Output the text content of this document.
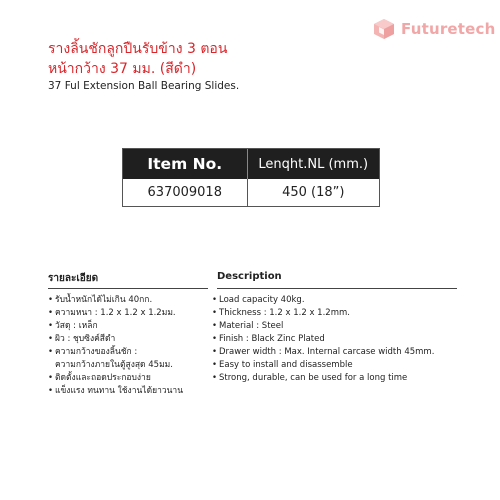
Futuretech
รางลิ้นชักลูกปืนรับข้าง 3 ตอน
หน้ากว้าง 37 มม. (สีดำ)
37 Ful Extension Ball Bearing Slides.
Item No.	Lenqht.NL (mm.)
637009018	450 (18”)
รายละเอียด	Description
• รับน้ำหนักได้ไม่เกิน 40กก.
• ความหนา : 1.2 x 1.2 x 1.2มม.
• วัสดุ : เหล็ก
• ผิว : ชุบซิงค์สีดำ
• ความกว้างของลิ้นชัก :
ความกว้างภายในตู้สูงสุด 45มม.
• ติดตั้งและถอดประกอบง่าย
• แข็งแรง ทนทาน ใช้งานได้ยาวนาน
• Load capacity 40kg.
• Thickness : 1.2 x 1.2 x 1.2mm.
• Material : Steel
• Finish : Black Zinc Plated
• Drawer width : Max. Internal carcase width 45mm.
• Easy to install and disassemble
• Strong, durable, can be used for a long time
